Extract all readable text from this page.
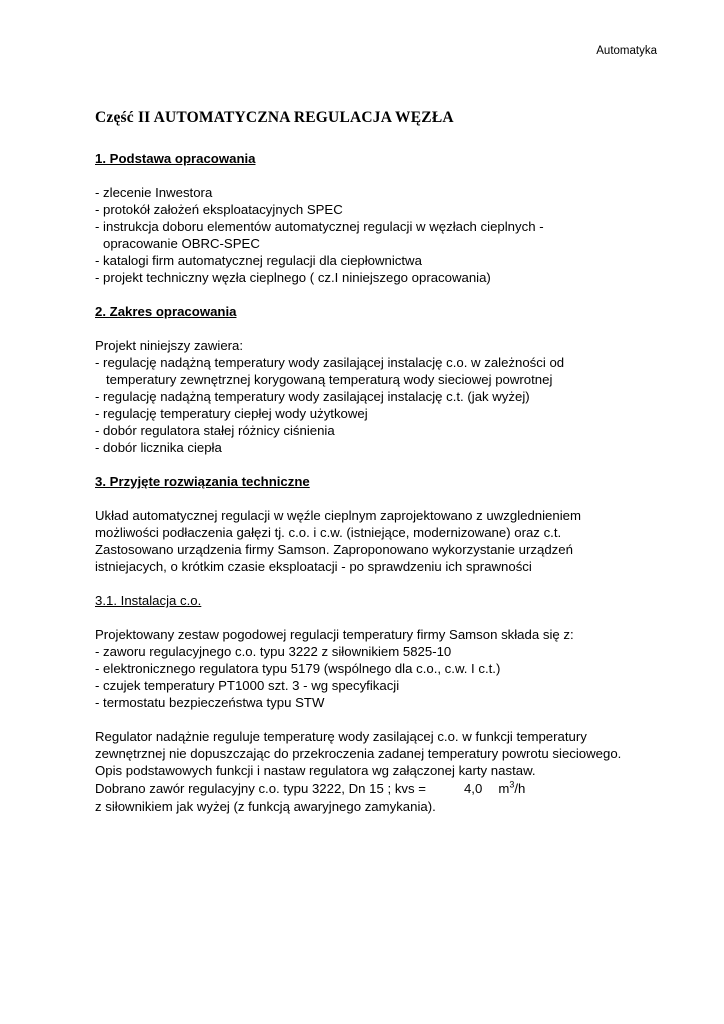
Automatyka
Część II AUTOMATYCZNA REGULACJA WĘZŁA
1. Podstawa opracowania
- zlecenie Inwestora
- protokół założeń eksploatacyjnych SPEC
- instrukcja doboru elementów automatycznej regulacji w węzłach cieplnych -
opracowanie OBRC-SPEC
- katalogi firm automatycznej regulacji dla ciepłownictwa
- projekt techniczny węzła cieplnego ( cz.I niniejszego opracowania)
2. Zakres opracowania
Projekt niniejszy zawiera:
- regulację nadążną temperatury wody zasilającej instalację c.o. w zależności od
temperatury zewnętrznej korygowaną temperaturą wody sieciowej powrotnej
- regulację nadążną temperatury wody zasilającej instalację c.t. (jak wyżej)
- regulację temperatury ciepłej wody użytkowej
- dobór regulatora stałej różnicy ciśnienia
- dobór licznika ciepła
3. Przyjęte rozwiązania techniczne
Układ automatycznej regulacji w węźle cieplnym zaprojektowano z uwzglednieniem
możliwości podłaczenia gałęzi tj. c.o. i c.w. (istniejące, modernizowane) oraz c.t.
Zastosowano urządzenia firmy Samson. Zaproponowano wykorzystanie urządzeń
istniejacych, o krótkim czasie eksploatacji - po sprawdzeniu ich sprawności
3.1. Instalacja c.o.
Projektowany zestaw pogodowej regulacji temperatury firmy Samson składa się z:
- zaworu regulacyjnego c.o. typu 3222 z siłownikiem 5825-10
- elektronicznego regulatora typu 5179 (wspólnego dla c.o., c.w. I c.t.)
- czujek temperatury PT1000 szt. 3 - wg specyfikacji
- termostatu bezpieczeństwa typu STW
Regulator nadążnie reguluje temperaturę wody zasilającej c.o. w funkcji temperatury
zewnętrznej nie dopuszczając do przekroczenia zadanej temperatury powrotu sieciowego.
Opis podstawowych funkcji i nastaw regulatora wg załączonej karty nastaw.
Dobrano zawór regulacyjny c.o. typu 3222, Dn 15 ; kvs =	4,0 $m^3/h$
z siłownikiem jak wyżej (z funkcją awaryjnego zamykania).
